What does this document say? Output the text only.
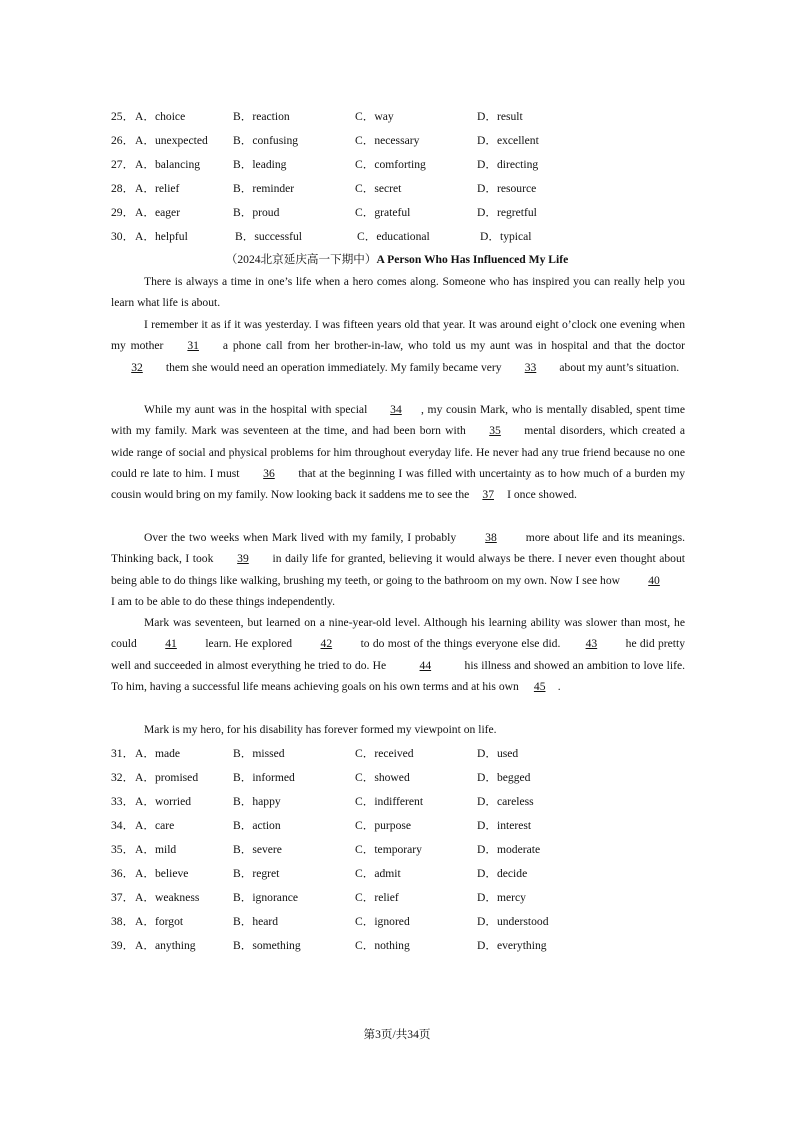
25． A．choice	B．reaction	C．way	D．result
26． A．unexpected B．confusing	C．necessary	D．excellent
27． A．balancing	B．leading	C．comforting	D．directing
28． A．relief	B．reminder	C．secret	D．resource
29． A．eager	B．proud	C．grateful	D．regretful
30． A．helpful	B．successful	C．educational	D．typical
（2024北京延庆高一下期中）A Person Who Has Influenced My Life
There is always a time in one’s life when a hero comes along. Someone who has inspired you can really help you learn what life is about.
I remember it as if it was yesterday. I was fifteen years old that year. It was around eight o’clock one evening when my mother 31 a phone call from her brother-in-law, who told us my aunt was in hospital and that the doctor 32 them she would need an operation immediately. My family became very 33 about my aunt’s situation.
While my aunt was in the hospital with special 34 , my cousin Mark, who is mentally disabled, spent time with my family. Mark was seventeen at the time, and had been born with 35 mental disorders, which created a wide range of social and physical problems for him throughout everyday life. He never had any true friend because no one could re late to him. I must 36 that at the beginning I was filled with uncertainty as to how much of a burden my cousin would bring on my family. Now looking back it saddens me to see the 37 I once showed.
Over the two weeks when Mark lived with my family, I probably 38 more about life and its meanings. Thinking back, I took 39 in daily life for granted, believing it would always be there. I never even thought about being able to do things like walking, brushing my teeth, or going to the bathroom on my own. Now I see how 40 I am to be able to do these things independently.
Mark was seventeen, but learned on a nine-year-old level. Although his learning ability was slower than most, he could 41 learn. He explored 42 to do most of the things everyone else did. 43 he did pretty well and succeeded in almost everything he tried to do. He	44	his illness and showed an ambition to love life. To him, having a successful life means achieving goals on his own terms and at his own 45 .
Mark is my hero, for his disability has forever formed my viewpoint on life.
31． A．made	B．missed	C．received	D．used
32． A．promised	B．informed	C．showed	D．begged
33． A．worried	B．happy	C．indifferent	D．careless
34． A．care	B．action	C．purpose	D．interest
35． A．mild	B．severe	C．temporary	D．moderate
36． A．believe	B．regret	C．admit	D．decide
37． A．weakness	B．ignorance	C．relief	D．mercy
38． A．forgot	B．heard	C．ignored	D．understood
39． A．anything	B．something	C．nothing	D．everything
第3页/共34页
